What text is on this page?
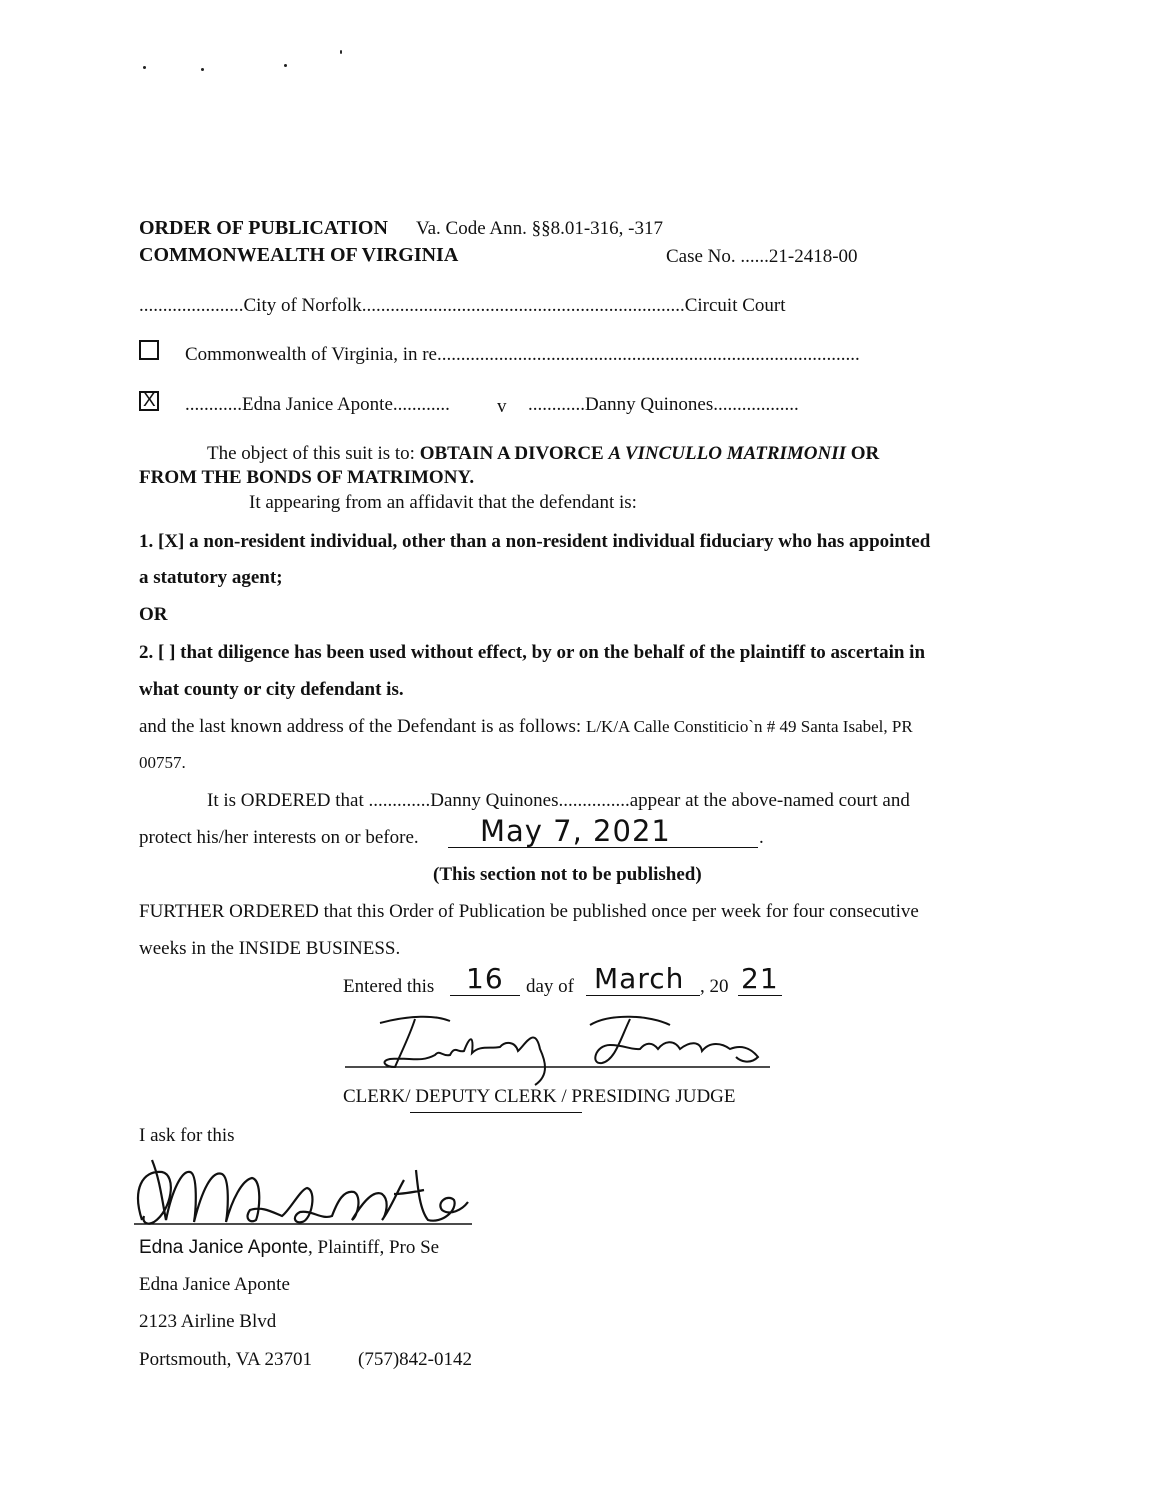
ORDER OF PUBLICATION Va. Code Ann. §§8.01-316, -317
COMMONWEALTH OF VIRGINIA	Case No. ......21-2418-00
......................City of Norfolk....................................................................Circuit Court
Commonwealth of Virginia, in re.........................................................................................
X ............Edna Janice Aponte............ v ............Danny Quinones..................
The object of this suit is to: OBTAIN A DIVORCE A VINCULLO MATRIMONII OR
FROM THE BONDS OF MATRIMONY.
It appearing from an affidavit that the defendant is:
1. [X] a non-resident individual, other than a non-resident individual fiduciary who has appointed
a statutory agent;
OR
2. [ ] that diligence has been used without effect, by or on the behalf of the plaintiff to ascertain in
what county or city defendant is.
and the last known address of the Defendant is as follows: L/K/A Calle Constiticio`n # 49 Santa Isabel, PR
00757.
It is ORDERED that .............Danny Quinones...............appear at the above-named court and
protect his/her interests on or before. May 7, 2021	.
(This section not to be published)
FURTHER ORDERED that this Order of Publication be published once per week for four consecutive
weeks in the INSIDE BUSINESS.
Entered this 16 day of March , 20 21
CLERK/ DEPUTY CLERK / PRESIDING JUDGE
I ask for this
Edna Janice Aponte, Plaintiff, Pro Se
Edna Janice Aponte
2123 Airline Blvd
Portsmouth, VA 23701 (757)842-0142
